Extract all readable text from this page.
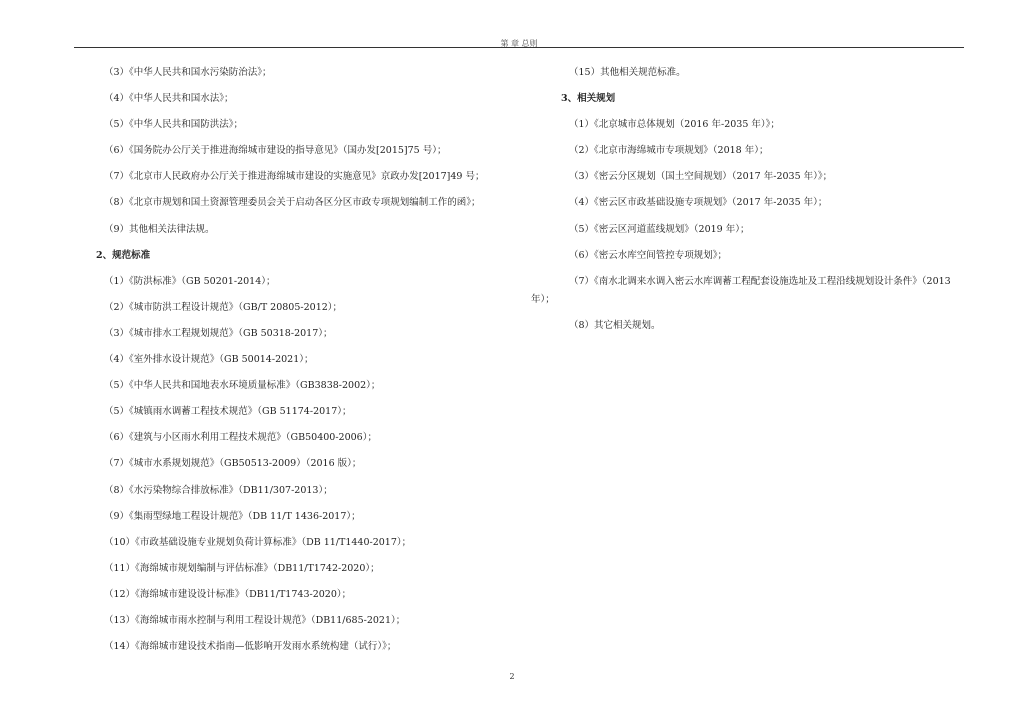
第 章 总则
（3）《中华人民共和国水污染防治法》；
（4）《中华人民共和国水法》；
（5）《中华人民共和国防洪法》；
（6）《国务院办公厅关于推进海绵城市建设的指导意见》（国办发[2015]75 号）；
（7）《北京市人民政府办公厅关于推进海绵城市建设的实施意见》京政办发[2017]49 号；
（8）《北京市规划和国土资源管理委员会关于启动各区分区市政专项规划编制工作的函》；
（9）其他相关法律法规。
2、规范标准
（1）《防洪标准》（GB 50201-2014）；
（2）《城市防洪工程设计规范》（GB/T 20805-2012）；
（3）《城市排水工程规划规范》（GB 50318-2017）；
（4）《室外排水设计规范》（GB 50014-2021）；
（5）《中华人民共和国地表水环境质量标准》（GB3838-2002）；
（5）《城镇雨水调蓄工程技术规范》（GB 51174-2017）；
（6）《建筑与小区雨水利用工程技术规范》（GB50400-2006）；
（7）《城市水系规划规范》（GB50513-2009）（2016 版）；
（8）《水污染物综合排放标准》（DB11/307-2013）；
（9）《集雨型绿地工程设计规范》（DB 11/T 1436-2017）；
（10）《市政基础设施专业规划负荷计算标准》（DB 11/T1440-2017）；
（11）《海绵城市规划编制与评估标准》（DB11/T1742-2020）；
（12）《海绵城市建设设计标准》（DB11/T1743-2020）；
（13）《海绵城市雨水控制与利用工程设计规范》（DB11/685-2021）；
（14）《海绵城市建设技术指南—低影响开发雨水系统构建（试行）》；
（15）其他相关规范标准。
3、相关规划
（1）《北京城市总体规划（2016 年-2035 年）》；
（2）《北京市海绵城市专项规划》（2018 年）；
（3）《密云分区规划（国土空间规划）（2017 年-2035 年）》；
（4）《密云区市政基础设施专项规划》（2017 年-2035 年）；
（5）《密云区河道蓝线规划》（2019 年）；
（6）《密云水库空间管控专项规划》；
（7）《南水北调来水调入密云水库调蓄工程配套设施选址及工程沿线规划设计条件》（2013
年）；
（8）其它相关规划。
2
